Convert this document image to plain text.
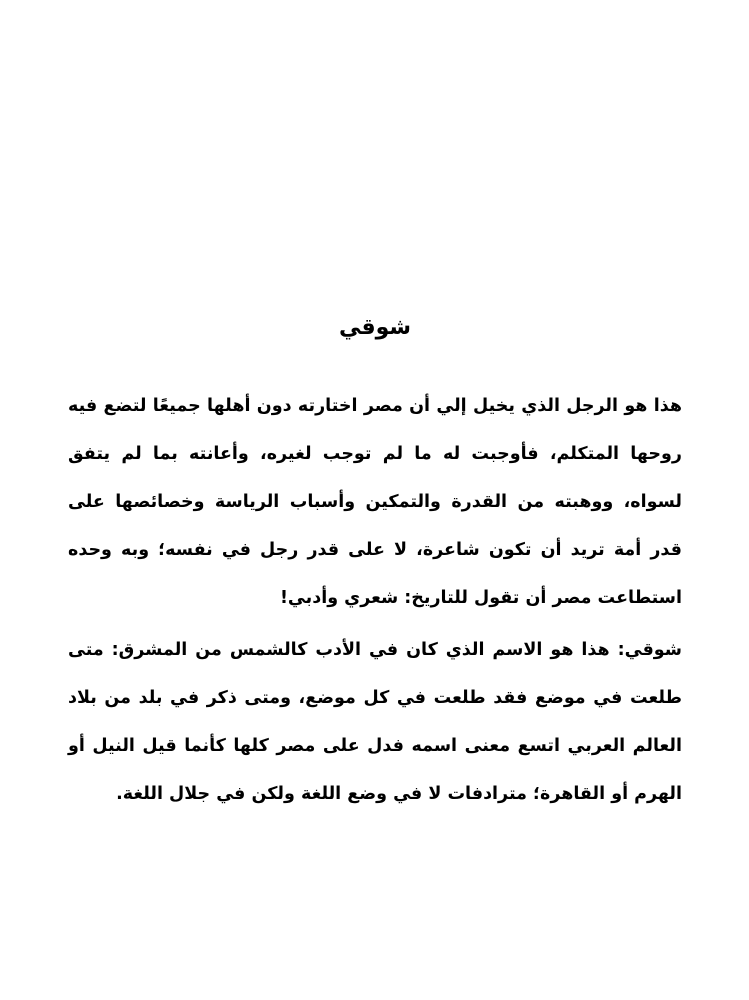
شوقي

هذا هو الرجل الذي يخيل إلي أن مصر اختارته دون أهلها جميعًا لتضع فيه روحها المتكلم، فأوجبت له ما لم توجب لغيره، وأعانته بما لم يتفق لسواه، ووهبته من القدرة والتمكين وأسباب الرياسة وخصائصها على قدر أمة تريد أن تكون شاعرة، لا على قدر رجل في نفسه؛ وبه وحده استطاعت مصر أن تقول للتاريخ: شعري وأدبي!

شوقي: هذا هو الاسم الذي كان في الأدب كالشمس من المشرق: متى طلعت في موضع فقد طلعت في كل موضع، ومتى ذكر في بلد من بلاد العالم العربي اتسع معنى اسمه فدل على مصر كلها كأنما قيل النيل أو الهرم أو القاهرة؛ مترادفات لا في وضع اللغة ولكن في جلال اللغة.
